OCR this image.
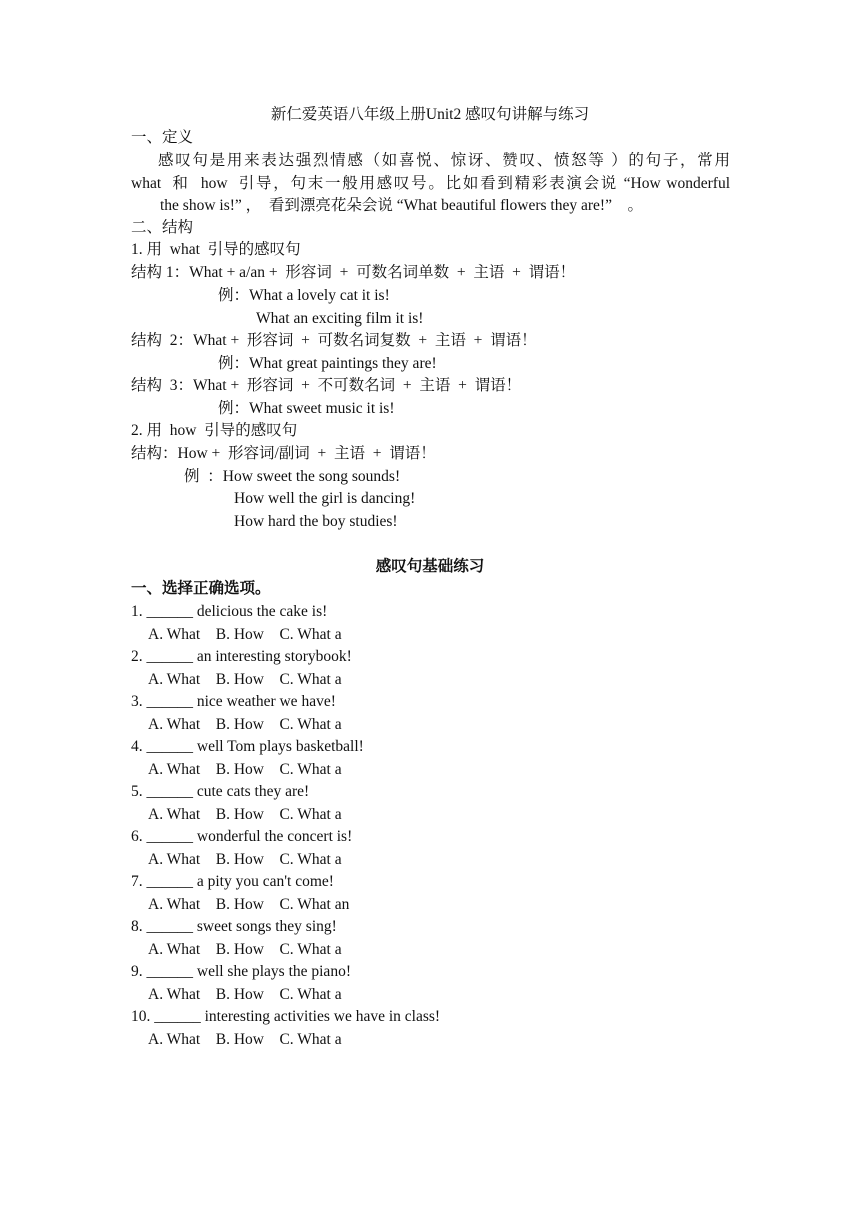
新仁爱英语八年级上册Unit2 感叹句讲解与练习
一、定义
感叹句是用来表达强烈情感（如喜悦、惊讶、赞叹、愤怒等 ）的句子，常用
what  和  how  引导，句末一般用感叹号。比如看到精彩表演会说 “How wonderful
the show is!” ，  看到漂亮花朵会说 “What beautiful flowers they are!”    。
二、结构
1. 用  what  引导的感叹句
结构 1：What + a/an +  形容词  +  可数名词单数  +  主语  +  谓语！
例：What a lovely cat it is!
What an exciting film it is!
结构  2：What +  形容词  +  可数名词复数  +  主语  +  谓语！
例：What great paintings they are!
结构  3：What +  形容词  +  不可数名词  +  主语  +  谓语！
例：What sweet music it is!
2. 用  how  引导的感叹句
结构：How +  形容词/副词  +  主语  +  谓语！
例  ：How sweet the song sounds!
How well the girl is dancing!
How hard the boy studies!
感叹句基础练习
一、选择正确选项。
1. ______ delicious the cake is!
A. What    B. How    C. What a
2. ______ an interesting storybook!
A. What    B. How    C. What a
3. ______ nice weather we have!
A. What    B. How    C. What a
4. ______ well Tom plays basketball!
A. What    B. How    C. What a
5. ______ cute cats they are!
A. What    B. How    C. What a
6. ______ wonderful the concert is!
A. What    B. How    C. What a
7. ______ a pity you can't come!
A. What    B. How    C. What an
8. ______ sweet songs they sing!
A. What    B. How    C. What a
9. ______ well she plays the piano!
A. What    B. How    C. What a
10. ______ interesting activities we have in class!
A. What    B. How    C. What a
